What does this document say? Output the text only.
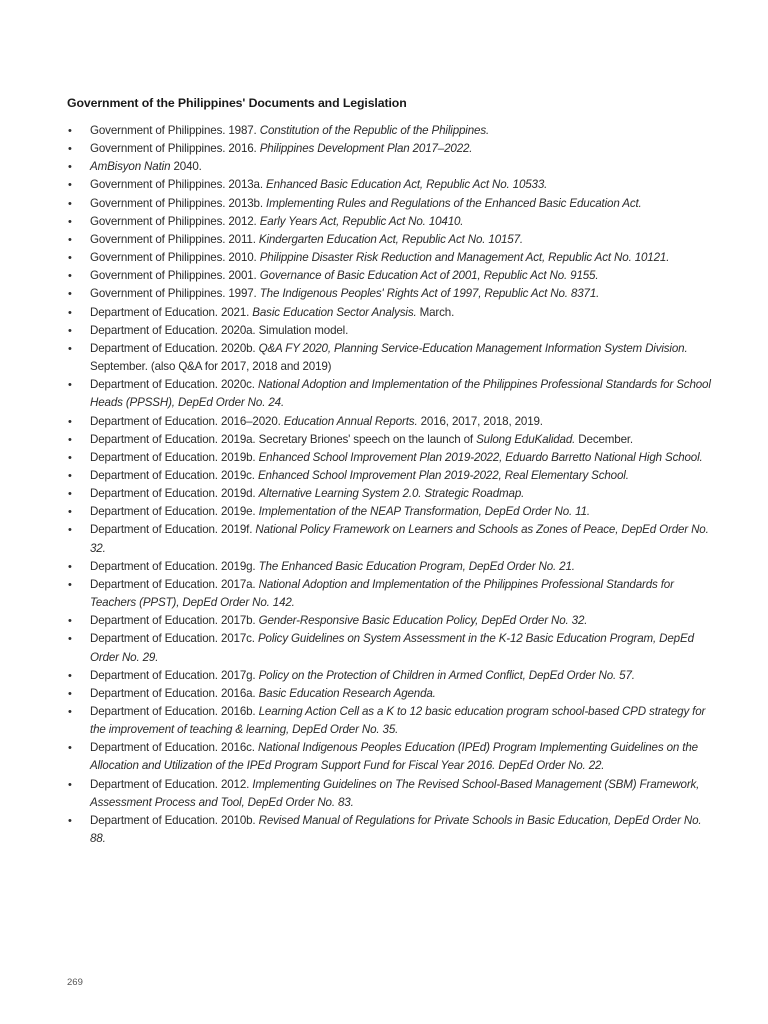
Government of the Philippines' Documents and Legislation
• Government of Philippines. 1987. Constitution of the Republic of the Philippines.
• Government of Philippines. 2016. Philippines Development Plan 2017–2022.
• AmBisyon Natin 2040.
• Government of Philippines. 2013a. Enhanced Basic Education Act, Republic Act No. 10533.
• Government of Philippines. 2013b. Implementing Rules and Regulations of the Enhanced Basic Education Act.
• Government of Philippines. 2012. Early Years Act, Republic Act No. 10410.
• Government of Philippines. 2011. Kindergarten Education Act, Republic Act No. 10157.
• Government of Philippines. 2010. Philippine Disaster Risk Reduction and Management Act, Republic Act No. 10121.
• Government of Philippines. 2001. Governance of Basic Education Act of 2001, Republic Act No. 9155.
• Government of Philippines. 1997. The Indigenous Peoples' Rights Act of 1997, Republic Act No. 8371.
• Department of Education. 2021. Basic Education Sector Analysis. March.
• Department of Education. 2020a. Simulation model.
• Department of Education. 2020b. Q&A FY 2020, Planning Service-Education Management Information System Division. September. (also Q&A for 2017, 2018 and 2019)
• Department of Education. 2020c. National Adoption and Implementation of the Philippines Professional Standards for School Heads (PPSSH), DepEd Order No. 24.
• Department of Education. 2016–2020. Education Annual Reports. 2016, 2017, 2018, 2019.
• Department of Education. 2019a. Secretary Briones' speech on the launch of Sulong EduKalidad. December.
• Department of Education. 2019b. Enhanced School Improvement Plan 2019-2022, Eduardo Barretto National High School.
• Department of Education. 2019c. Enhanced School Improvement Plan 2019-2022, Real Elementary School.
• Department of Education. 2019d. Alternative Learning System 2.0. Strategic Roadmap.
• Department of Education. 2019e. Implementation of the NEAP Transformation, DepEd Order No. 11.
• Department of Education. 2019f. National Policy Framework on Learners and Schools as Zones of Peace, DepEd Order No. 32.
• Department of Education. 2019g. The Enhanced Basic Education Program, DepEd Order No. 21.
• Department of Education. 2017a. National Adoption and Implementation of the Philippines Professional Standards for Teachers (PPST), DepEd Order No. 142.
• Department of Education. 2017b. Gender-Responsive Basic Education Policy, DepEd Order No. 32.
• Department of Education. 2017c. Policy Guidelines on System Assessment in the K-12 Basic Education Program, DepEd Order No. 29.
• Department of Education. 2017g. Policy on the Protection of Children in Armed Conflict, DepEd Order No. 57.
• Department of Education. 2016a. Basic Education Research Agenda.
• Department of Education. 2016b. Learning Action Cell as a K to 12 basic education program school-based CPD strategy for the improvement of teaching & learning, DepEd Order No. 35.
• Department of Education. 2016c. National Indigenous Peoples Education (IPEd) Program Implementing Guidelines on the Allocation and Utilization of the IPEd Program Support Fund for Fiscal Year 2016. DepEd Order No. 22.
• Department of Education. 2012. Implementing Guidelines on The Revised School-Based Management (SBM) Framework, Assessment Process and Tool, DepEd Order No. 83.
• Department of Education. 2010b. Revised Manual of Regulations for Private Schools in Basic Education, DepEd Order No. 88.
269
